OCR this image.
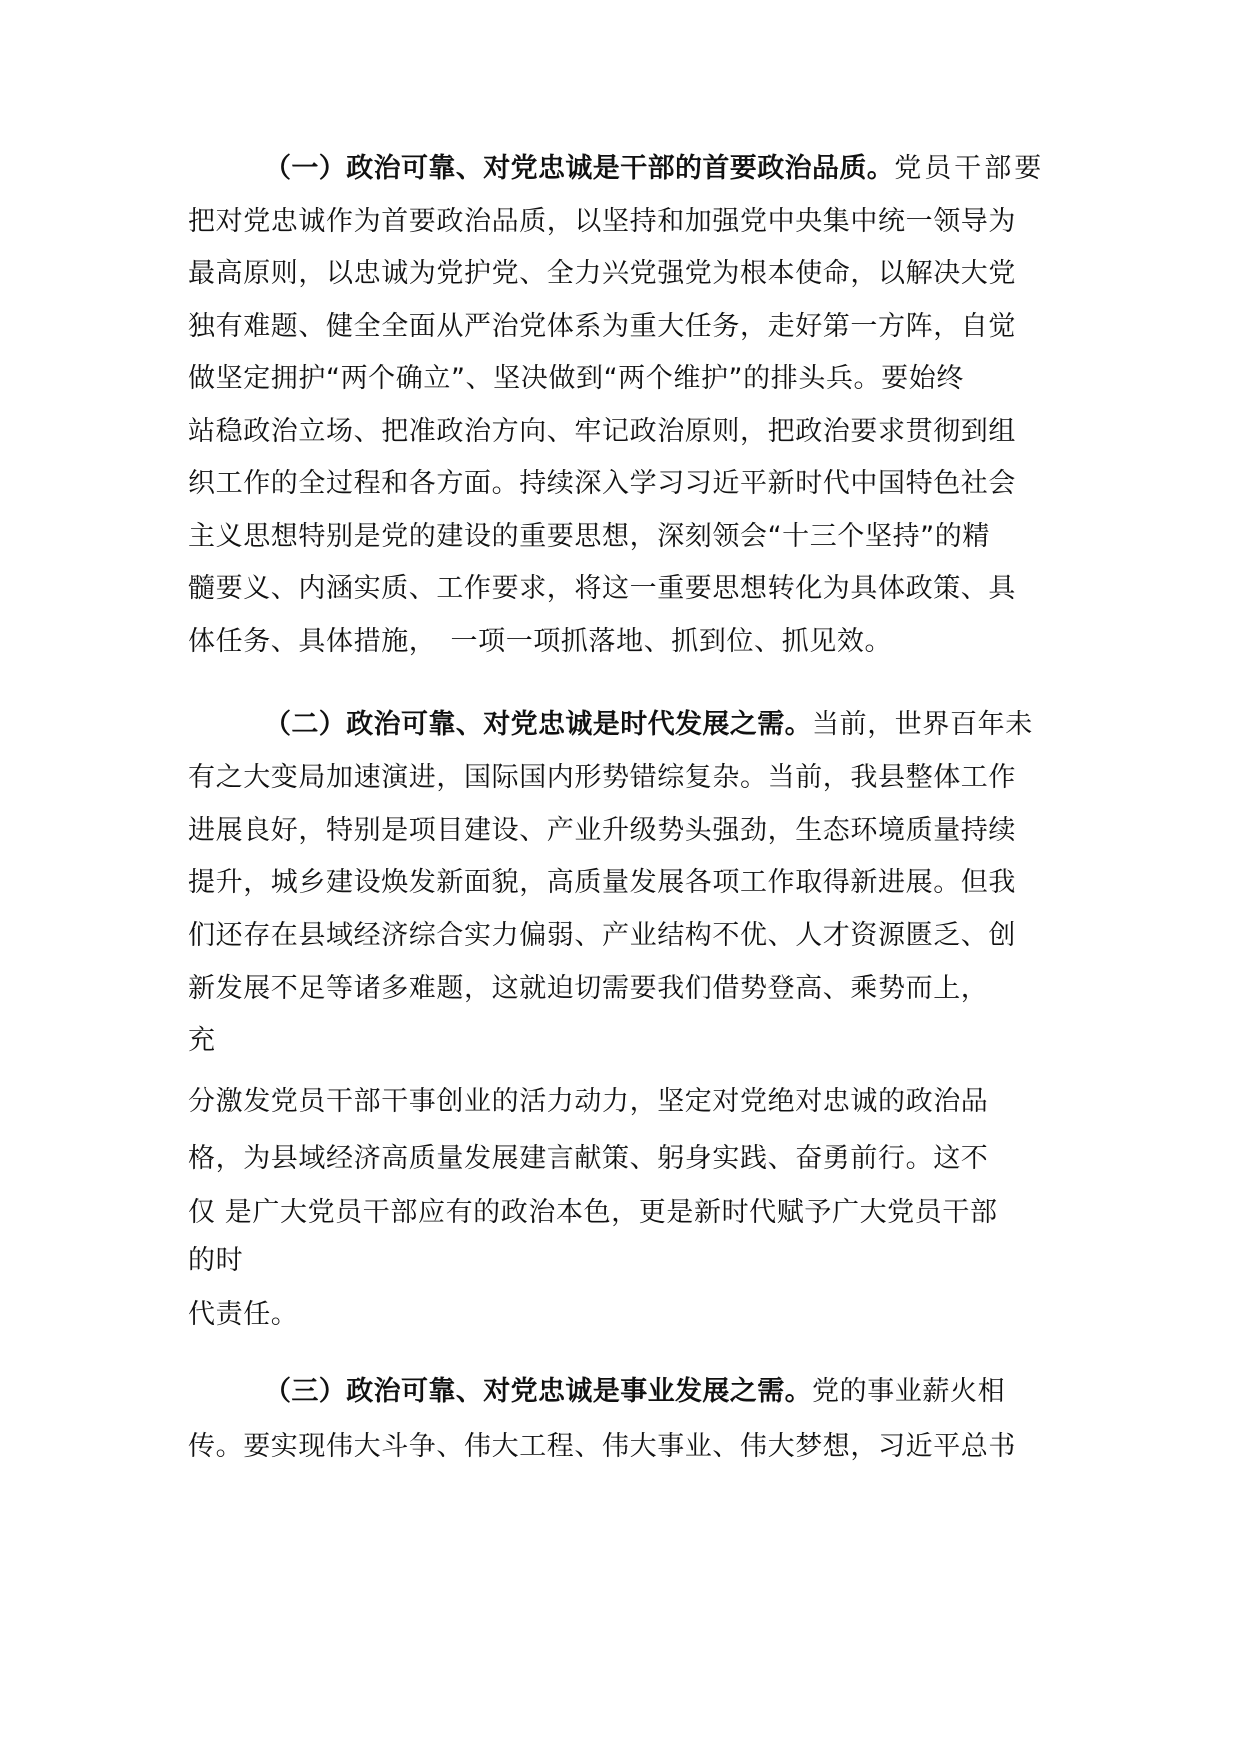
（一）政治可靠、对党忠诚是干部的首要政治品质。党员干部要

把对党忠诚作为首要政治品质，以坚持和加强党中央集中统一领导为

最高原则，以忠诚为党护党、全力兴党强党为根本使命，以解决大党

独有难题、健全全面从严治党体系为重大任务，走好第一方阵，自觉

做坚定拥护“两个确立”、坚决做到“两个维护”的排头兵。要始终

站稳政治立场、把准政治方向、牢记政治原则，把政治要求贯彻到组

织工作的全过程和各方面。持续深入学习习近平新时代中国特色社会

主义思想特别是党的建设的重要思想，深刻领会“十三个坚持”的精

髓要义、内涵实质、工作要求，将这一重要思想转化为具体政策、具

体任务、具体措施，　一项一项抓落地、抓到位、抓见效。

（二）政治可靠、对党忠诚是时代发展之需。当前，世界百年未

有之大变局加速演进，国际国内形势错综复杂。当前，我县整体工作

进展良好，特别是项目建设、产业升级势头强劲，生态环境质量持续

提升，城乡建设焕发新面貌，高质量发展各项工作取得新进展。但我

们还存在县域经济综合实力偏弱、产业结构不优、人才资源匮乏、创

新发展不足等诸多难题，这就迫切需要我们借势登高、乘势而上，

充

分激发党员干部干事创业的活力动力，坚定对党绝对忠诚的政治品

格，为县域经济高质量发展建言献策、躬身实践、奋勇前行。这不

仅 是广大党员干部应有的政治本色，更是新时代赋予广大党员干部

的时

代责任。

（三）政治可靠、对党忠诚是事业发展之需。党的事业薪火相

传。要实现伟大斗争、伟大工程、伟大事业、伟大梦想，习近平总书
